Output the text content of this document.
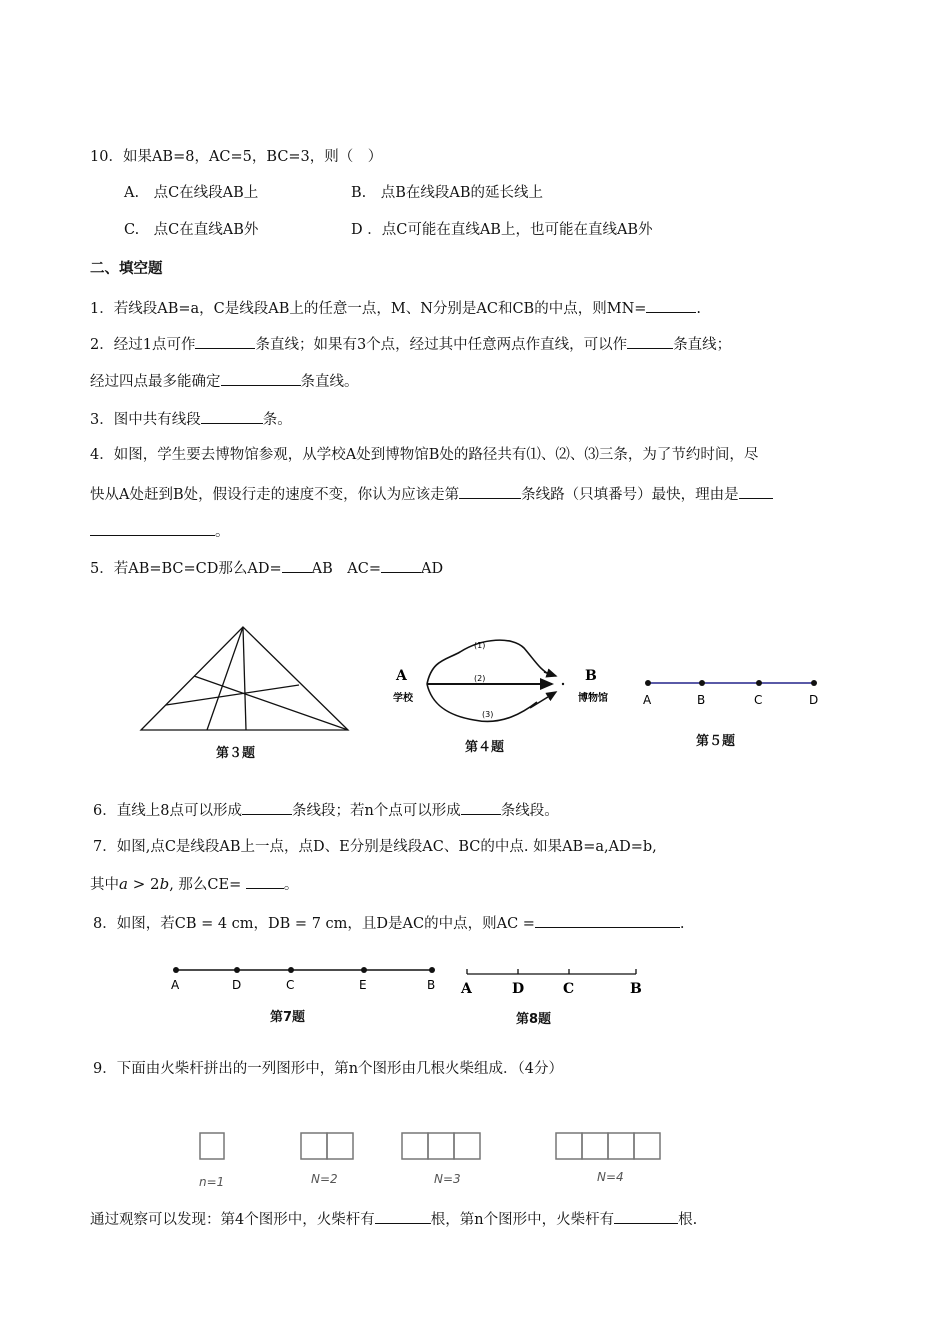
10．如果AB=8，AC=5，BC=3，则（　）
A.　点C在线段AB上	B.　点B在线段AB的延长线上
C.　点C在直线AB外	D ．点C可能在直线AB上，也可能在直线AB外
二、填空题
1．若线段AB=a，C是线段AB上的任意一点，M、N分别是AC和CB的中点，则MN=	.
2．经过1点可作	条直线；如果有3个点，经过其中任意两点作直线，可以作	条直线；
经过四点最多能确定	条直线。
3．图中共有线段	条。
4．如图，学生要去博物馆参观，从学校A处到博物馆B处的路径共有⑴、⑵、⑶三条，为了节约时间，尽
快从A处赶到B处，假设行走的速度不变，你认为应该走第	条线路（只填番号）最快，理由是
。
5．若AB=BC=CD那么AD= AB　AC=	AD
第３题
A	B
学校	博物馆
(1)
(2)
(3)
第４题
A	B	C	D
第５题
6．直线上8点可以形成	条线段；若n个点可以形成	条线段。
7．如图,点C是线段AB上一点，点D、E分别是线段AC、BC的中点. 如果AB=a,AD=b,
其中a > 2b, 那么CE=	。
8．如图，若CB = 4 cm，DB = 7 cm，且D是AC的中点，则AC =	.
A	D	C	E	B
第7题
A	D	C	B
第8题
9．下面由火柴杆拼出的一列图形中，第n个图形由几根火柴组成．（4分）
n=1	N=2	N=3	N=4
通过观察可以发现：第4个图形中，火柴杆有	根，第n个图形中，火柴杆有	根.
